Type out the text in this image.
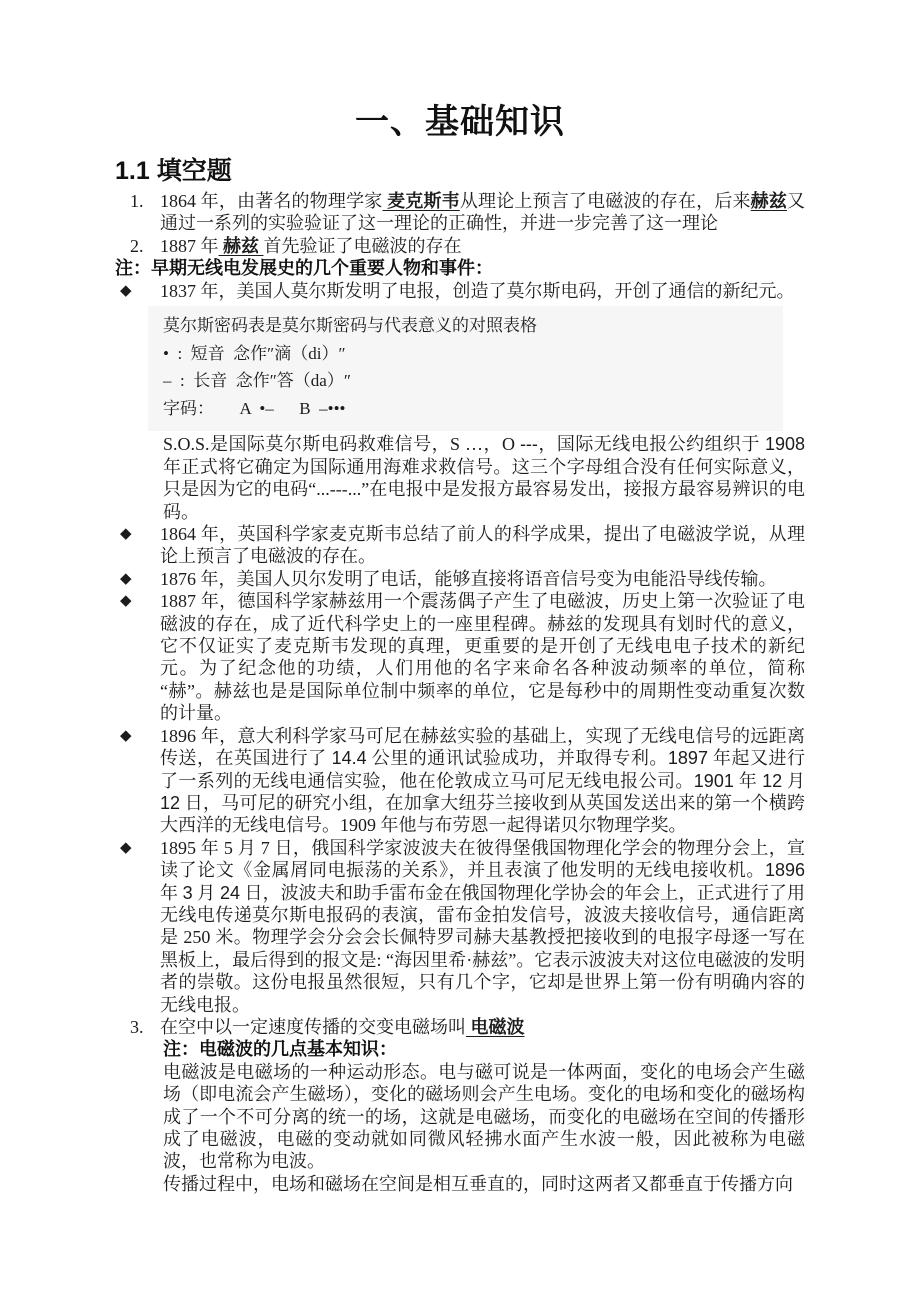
一、基础知识
1.1 填空题
1. 1864 年，由著名的物理学家 麦克斯韦从理论上预言了电磁波的存在，后来赫兹又通过一系列的实验验证了这一理论的正确性，并进一步完善了这一理论
2. 1887 年 赫兹 首先验证了电磁波的存在
注：早期无线电发展史的几个重要人物和事件：
◆	1837 年，美国人莫尔斯发明了电报，创造了莫尔斯电码，开创了通信的新纪元。
莫尔斯密码表是莫尔斯密码与代表意义的对照表格
•  :  短音  念作″滴（di）″
–  :  长音  念作″答（da）″
字码：      A  •–      B  –•••
S.O.S.是国际莫尔斯电码救难信号，S …，O ---，国际无线电报公约组织于 1908 年正式将它确定为国际通用海难求救信号。这三个字母组合没有任何实际意义，只是因为它的电码“...---...”在电报中是发报方最容易发出，接报方最容易辨识的电码。
◆	1864 年，英国科学家麦克斯韦总结了前人的科学成果，提出了电磁波学说，从理论上预言了电磁波的存在。
◆	1876 年，美国人贝尔发明了电话，能够直接将语音信号变为电能沿导线传输。
◆	1887 年，德国科学家赫兹用一个震荡偶子产生了电磁波，历史上第一次验证了电磁波的存在，成了近代科学史上的一座里程碑。赫兹的发现具有划时代的意义，它不仅证实了麦克斯韦发现的真理，更重要的是开创了无线电电子技术的新纪元。为了纪念他的功绩，人们用他的名字来命名各种波动频率的单位，简称“赫”。赫兹也是是国际单位制中频率的单位，它是每秒中的周期性变动重复次数的计量。
◆	1896 年，意大利科学家马可尼在赫兹实验的基础上，实现了无线电信号的远距离传送，在英国进行了 14.4 公里的通讯试验成功，并取得专利。1897 年起又进行了一系列的无线电通信实验，他在伦敦成立马可尼无线电报公司。1901 年 12 月 12 日，马可尼的研究小组，在加拿大纽芬兰接收到从英国发送出来的第一个横跨大西洋的无线电信号。1909 年他与布劳恩一起得诺贝尔物理学奖。
◆	1895 年 5 月 7 日，俄国科学家波波夫在彼得堡俄国物理化学会的物理分会上，宣读了论文《金属屑同电振荡的关系》，并且表演了他发明的无线电接收机。1896 年 3 月 24 日，波波夫和助手雷布金在俄国物理化学协会的年会上，正式进行了用无线电传递莫尔斯电报码的表演，雷布金拍发信号，波波夫接收信号，通信距离是 250 米。物理学会分会会长佩特罗司赫夫基教授把接收到的电报字母逐一写在黑板上，最后得到的报文是: “海因里希·赫兹”。它表示波波夫对这位电磁波的发明者的崇敬。这份电报虽然很短，只有几个字，它却是世界上第一份有明确内容的无线电报。
3. 在空中以一定速度传播的交变电磁场叫 电磁波
注：电磁波的几点基本知识：
电磁波是电磁场的一种运动形态。电与磁可说是一体两面，变化的电场会产生磁场（即电流会产生磁场），变化的磁场则会产生电场。变化的电场和变化的磁场构成了一个不可分离的统一的场，这就是电磁场，而变化的电磁场在空间的传播形成了电磁波，电磁的变动就如同微风轻拂水面产生水波一般，因此被称为电磁波，也常称为电波。
传播过程中，电场和磁场在空间是相互垂直的，同时这两者又都垂直于传播方向
